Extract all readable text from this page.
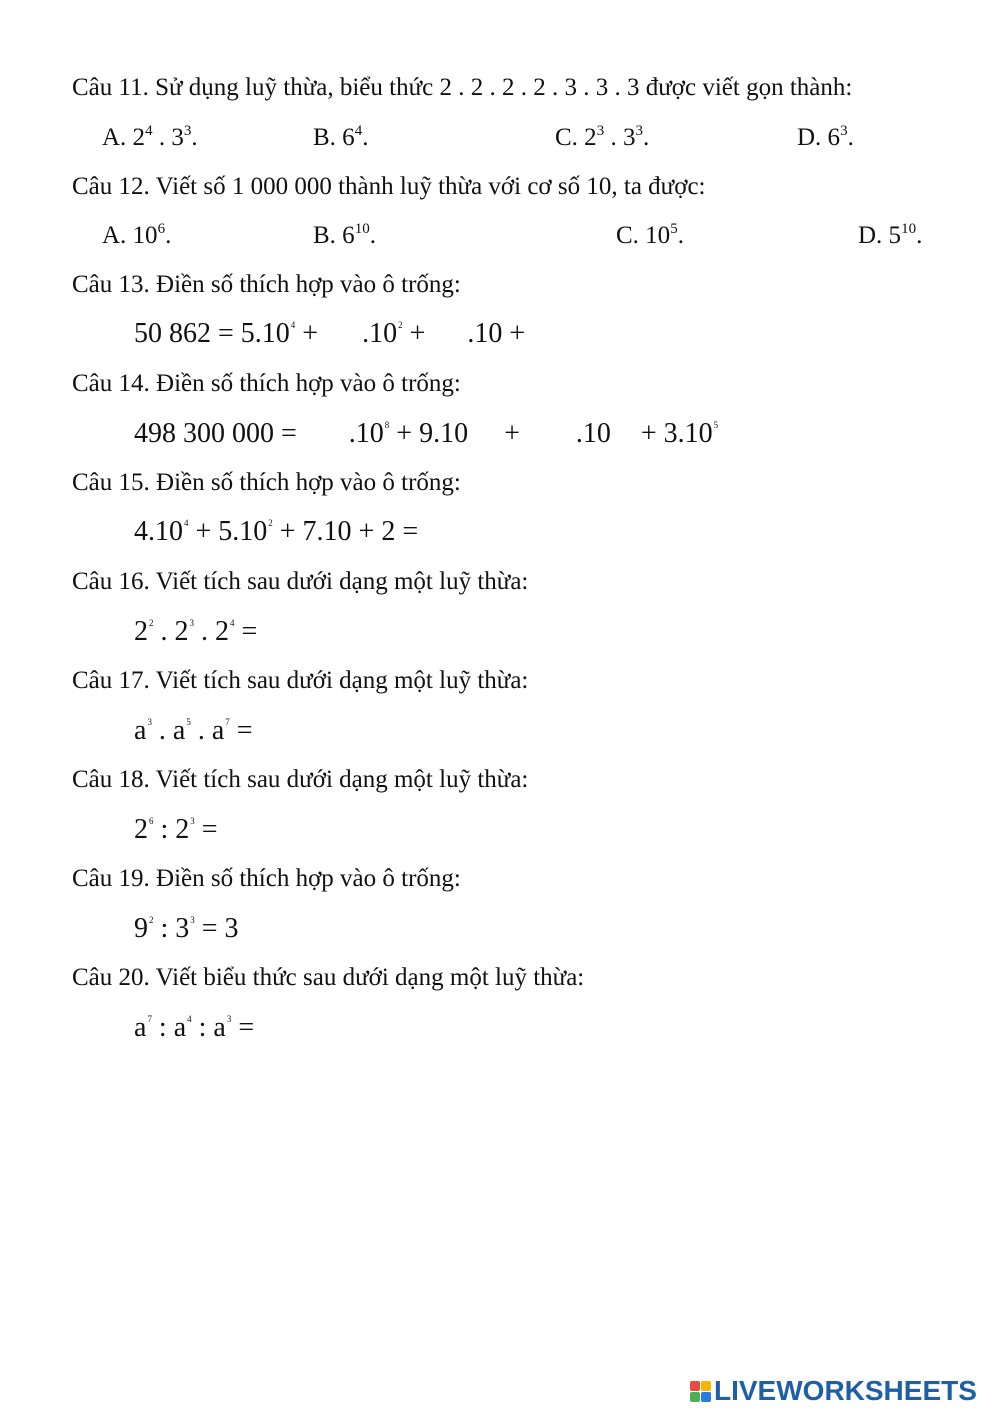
Câu 11. Sử dụng luỹ thừa, biểu thức 2 . 2 . 2 . 2 . 3 . 3 . 3 được viết gọn thành:
A. $2^4$ . $3^3$.	B. $6^4$.	C. $2^3$ . $3^3$.	D. $6^3$.
Câu 12. Viết số 1 000 000 thành luỹ thừa với cơ số 10, ta được:
A. $10^6$.	B. $6^{10}$.	C. $10^5$.	D. $5^{10}$.
Câu 13. Điền số thích hợp vào ô trống:
50 $862 = 5.10^4 + .10^2 + .10$ +
Câu 14. Điền số thích hợp vào ô trống:
498 300 $000 = .10^8 + 9.10 + .10 + 3.10^5$
Câu 15. Điền số thích hợp vào ô trống:
$4.10^4 + 5.10^2 + 7.10 + 2$ =
Câu 16. Viết tích sau dưới dạng một luỹ thừa:
$2^2$ . $2^3$ . $2^4$ =
Câu 17. Viết tích sau dưới dạng một luỹ thừa:
$a^3$ . $a^5$ . $a^7$ =
Câu 18. Viết tích sau dưới dạng một luỹ thừa:
$2^6$ : $2^3$ =
Câu 19. Điền số thích hợp vào ô trống:
$9^2$ : $3^3 = 3$
Câu 20. Viết biểu thức sau dưới dạng một luỹ thừa:
$a^7$ : $a^4$ : $a^3$ =
LIVEWORKSHEETS
